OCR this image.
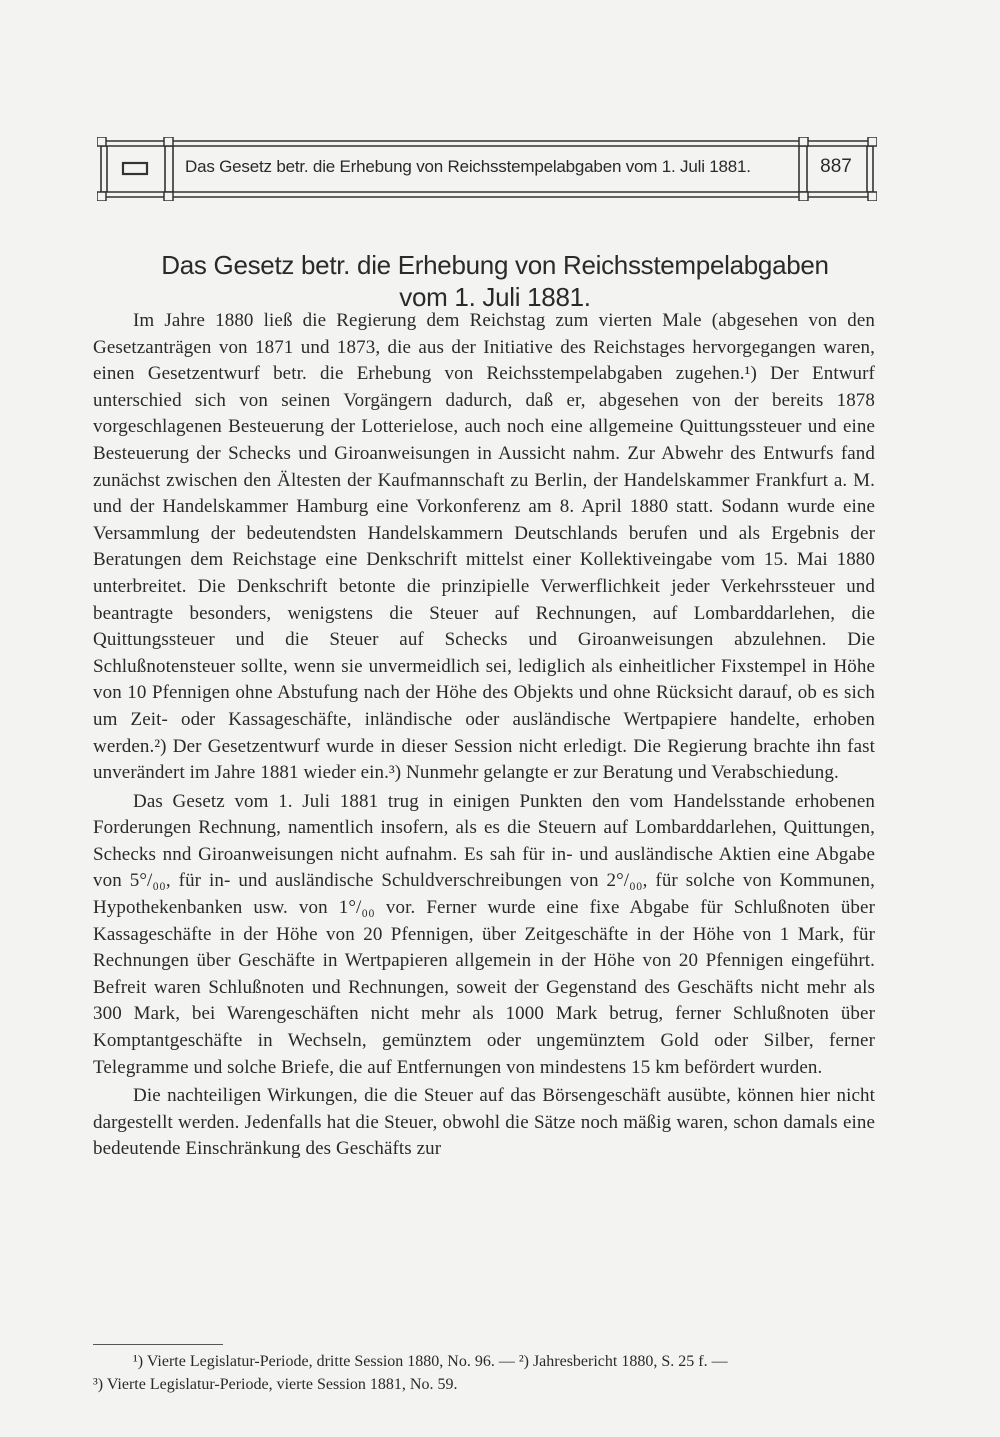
Das Gesetz betr. die Erhebung von Reichsstempelabgaben vom 1. Juli 1881.	887
Das Gesetz betr. die Erhebung von Reichsstempelabgaben
vom 1. Juli 1881.

Im Jahre 1880 ließ die Regierung dem Reichstag zum vierten Male (abgesehen von den Gesetzanträgen von 1871 und 1873, die aus der Initiative des Reichstages hervorgegangen waren, einen Gesetzentwurf betr. die Erhebung von Reichsstempelabgaben zugehen.¹) Der Entwurf unterschied sich von seinen Vorgängern dadurch, daß er, abgesehen von der bereits 1878 vorgeschlagenen Besteuerung der Lotterielose, auch noch eine allgemeine Quittungssteuer und eine Besteuerung der Schecks und Giroanweisungen in Aussicht nahm. Zur Abwehr des Entwurfs fand zunächst zwischen den Ältesten der Kaufmannschaft zu Berlin, der Handelskammer Frankfurt a. M. und der Handelskammer Hamburg eine Vorkonferenz am 8. April 1880 statt. Sodann wurde eine Versammlung der bedeutendsten Handelskammern Deutschlands berufen und als Ergebnis der Beratungen dem Reichstage eine Denkschrift mittelst einer Kollektiveingabe vom 15. Mai 1880 unterbreitet. Die Denkschrift betonte die prinzipielle Verwerflichkeit jeder Verkehrssteuer und beantragte besonders, wenigstens die Steuer auf Rechnungen, auf Lombarddarlehen, die Quittungssteuer und die Steuer auf Schecks und Giroanweisungen abzulehnen. Die Schlußnotensteuer sollte, wenn sie unvermeidlich sei, lediglich als einheitlicher Fixstempel in Höhe von 10 Pfennigen ohne Abstufung nach der Höhe des Objekts und ohne Rücksicht darauf, ob es sich um Zeit- oder Kassageschäfte, inländische oder ausländische Wertpapiere handelte, erhoben werden.²) Der Gesetzentwurf wurde in dieser Session nicht erledigt. Die Regierung brachte ihn fast unverändert im Jahre 1881 wieder ein.³) Nunmehr gelangte er zur Beratung und Verabschiedung.

Das Gesetz vom 1. Juli 1881 trug in einigen Punkten den vom Handelsstande erhobenen Forderungen Rechnung, namentlich insofern, als es die Steuern auf Lombarddarlehen, Quittungen, Schecks nnd Giroanweisungen nicht aufnahm. Es sah für in- und ausländische Aktien eine Abgabe von 5°/₀₀, für in- und ausländische Schuldverschreibungen von 2°/₀₀, für solche von Kommunen, Hypothekenbanken usw. von 1°/₀₀ vor. Ferner wurde eine fixe Abgabe für Schlußnoten über Kassageschäfte in der Höhe von 20 Pfennigen, über Zeitgeschäfte in der Höhe von 1 Mark, für Rechnungen über Geschäfte in Wertpapieren allgemein in der Höhe von 20 Pfennigen eingeführt. Befreit waren Schlußnoten und Rechnungen, soweit der Gegenstand des Geschäfts nicht mehr als 300 Mark, bei Warengeschäften nicht mehr als 1000 Mark betrug, ferner Schlußnoten über Komptantgeschäfte in Wechseln, gemünztem oder ungemünztem Gold oder Silber, ferner Telegramme und solche Briefe, die auf Entfernungen von mindestens 15 km befördert wurden.

Die nachteiligen Wirkungen, die die Steuer auf das Börsengeschäft ausübte, können hier nicht dargestellt werden. Jedenfalls hat die Steuer, obwohl die Sätze noch mäßig waren, schon damals eine bedeutende Einschränkung des Geschäfts zur

¹) Vierte Legislatur-Periode, dritte Session 1880, No. 96. — ²) Jahresbericht 1880, S. 25 f. —
³) Vierte Legislatur-Periode, vierte Session 1881, No. 59.
